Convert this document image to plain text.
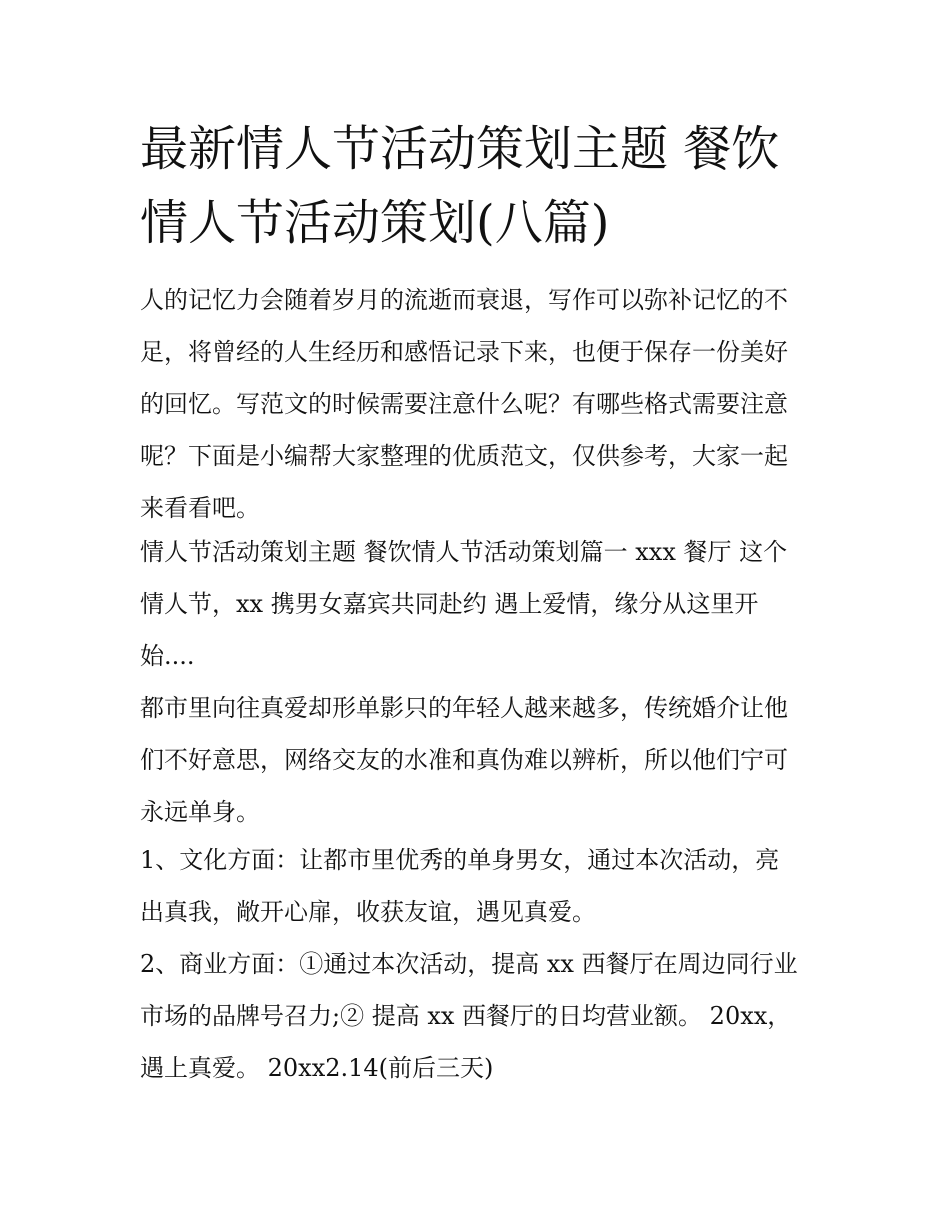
最新情人节活动策划主题 餐饮
情人节活动策划(八篇)

人的记忆力会随着岁月的流逝而衰退，写作可以弥补记忆的不
足，将曾经的人生经历和感悟记录下来，也便于保存一份美好
的回忆。写范文的时候需要注意什么呢？有哪些格式需要注意
呢？下面是小编帮大家整理的优质范文，仅供参考，大家一起
来看看吧。

情人节活动策划主题 餐饮情人节活动策划篇一 xxx 餐厅 这个
情人节，xx 携男女嘉宾共同赴约 遇上爱情，缘分从这里开
始....

都市里向往真爱却形单影只的年轻人越来越多，传统婚介让他
们不好意思，网络交友的水准和真伪难以辨析，所以他们宁可
永远单身。

1、文化方面：让都市里优秀的单身男女，通过本次活动，亮
出真我，敞开心扉，收获友谊，遇见真爱。

2、商业方面：①通过本次活动，提高 xx 西餐厅在周边同行业
市场的品牌号召力;② 提高 xx 西餐厅的日均营业额。 20xx，
遇上真爱。 20xx2.14(前后三天)
